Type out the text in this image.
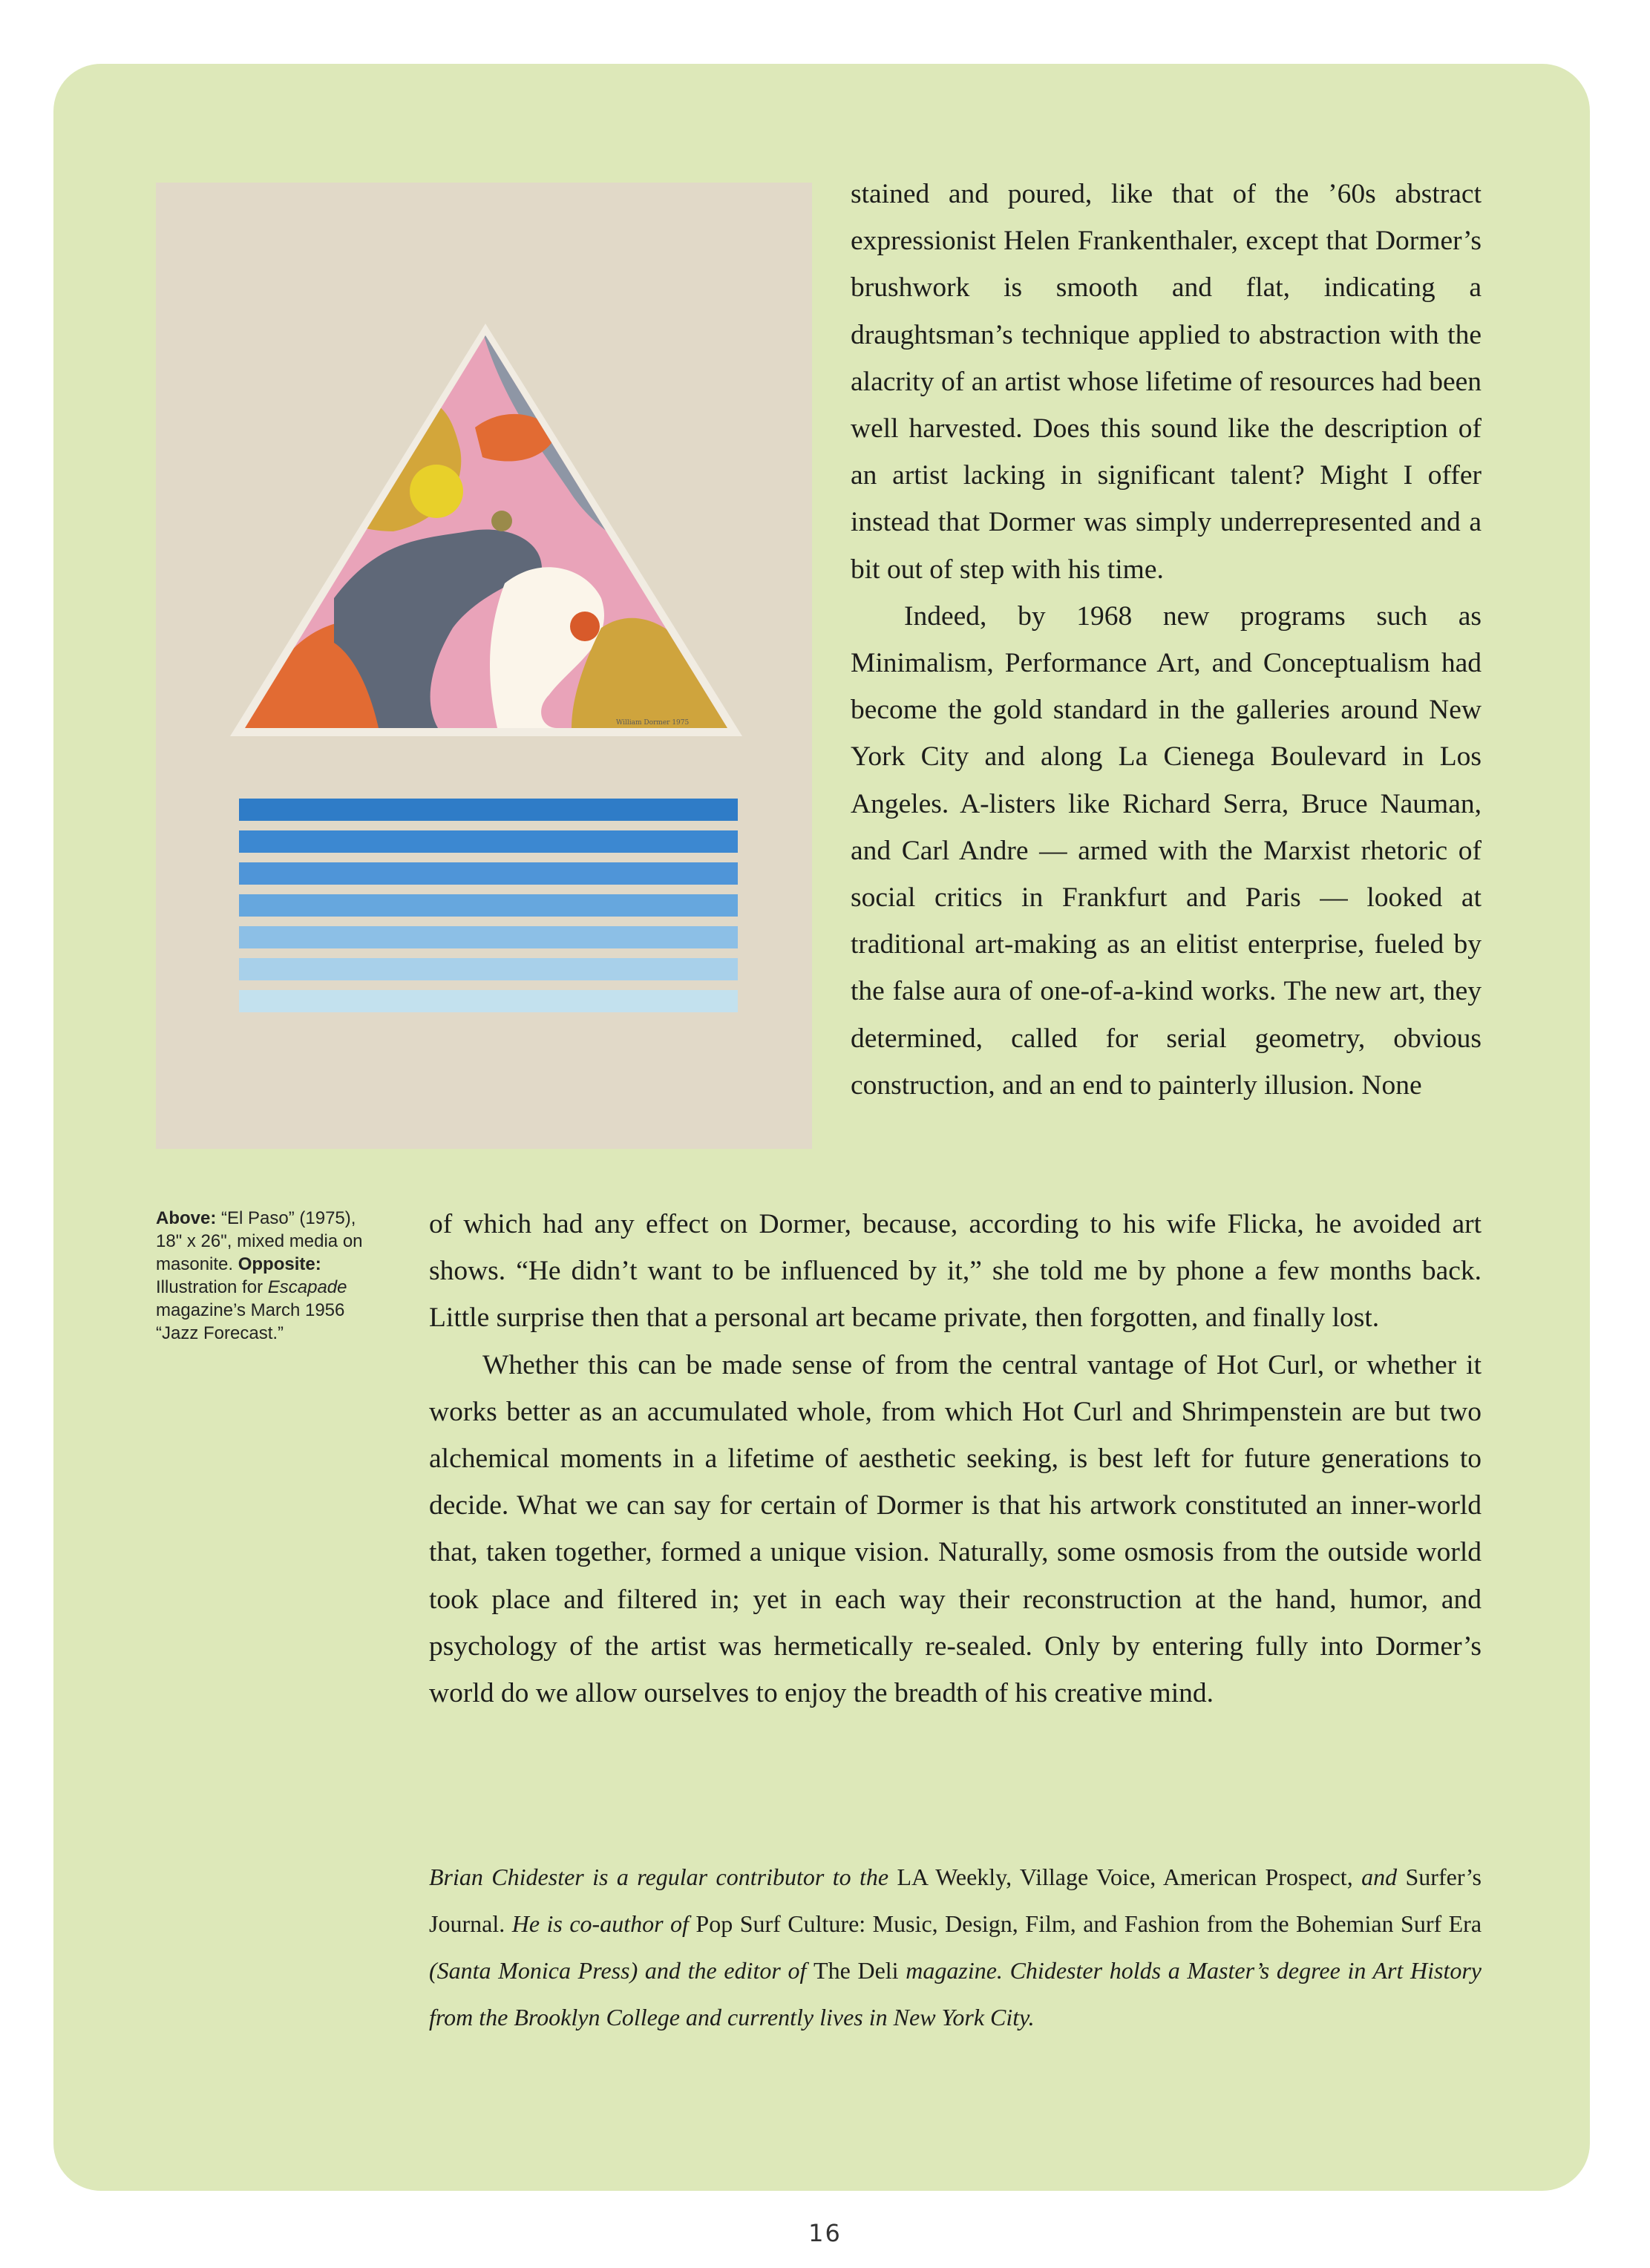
William Dormer 1975

stained and poured, like that of the ’​60s abstract expressionist Helen Frankenthaler, except that Dormer’s brushwork is smooth and flat, indicating a draughtsman’s technique applied to abstraction with the alacrity of an artist whose lifetime of resources had been well harvested. Does this sound like the description of an artist lacking in significant talent? Might I offer instead that Dormer was simply underrepresented and a bit out of step with his time.

Indeed, by 1968 new programs such as Minimalism, Performance Art, and Conceptualism had become the gold standard in the galleries around New York City and along La Cienega Boulevard in Los Angeles. A-listers like Richard Serra, Bruce Nauman, and Carl Andre — armed with the Marxist rhetoric of social critics in Frankfurt and Paris — looked at traditional art-making as an elitist enterprise, fueled by the false aura of one-of-a-kind works. The new art, they determined, called for serial geometry, obvious construction, and an end to painterly illusion. None

Above: “El Paso” (1975), 18" x 26", mixed media on masonite. Opposite: Illustration for Escapade magazine’s March 1956 “Jazz Forecast.”

of which had any effect on Dormer, because, according to his wife Flicka, he avoided art shows. “He didn’t want to be influenced by it,” she told me by phone a few months back. Little surprise then that a personal art became private, then forgotten, and finally lost.

Whether this can be made sense of from the central vantage of Hot Curl, or whether it works better as an accumulated whole, from which Hot Curl and Shrimpenstein are but two alchemical moments in a lifetime of aesthetic seeking, is best left for future generations to decide. What we can say for certain of Dormer is that his artwork constituted an inner-world that, taken together, formed a unique vision. Naturally, some osmosis from the outside world took place and filtered in; yet in each way their reconstruction at the hand, humor, and psychology of the artist was hermetically re-sealed. Only by entering fully into Dormer’s world do we allow ourselves to enjoy the breadth of his creative mind.

Brian Chidester is a regular contributor to the LA Weekly, Village Voice, American Prospect, and Surfer’s Journal. He is co-author of Pop Surf Culture: Music, Design, Film, and Fashion from the Bohemian Surf Era (Santa Monica Press) and the editor of The Deli magazine. Chidester holds a Master’s degree in Art History from the Brooklyn College and currently lives in New York City.

16
